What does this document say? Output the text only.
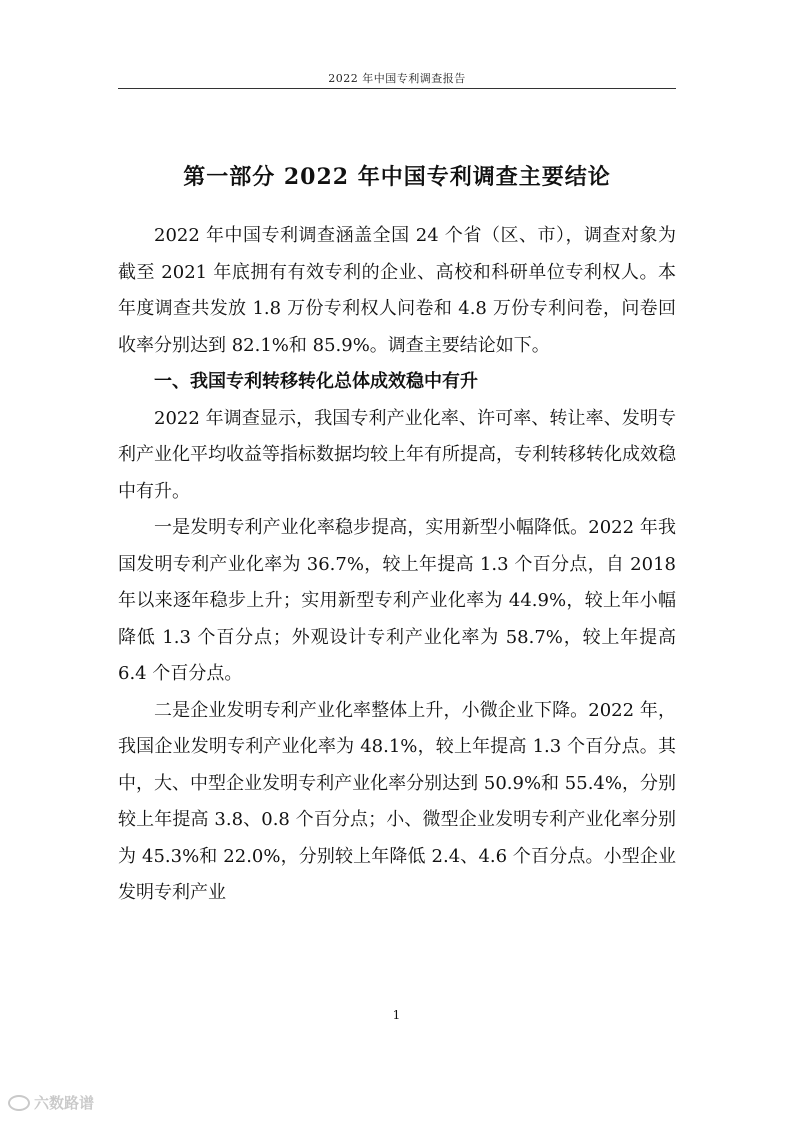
2022 年中国专利调查报告
第一部分 2022 年中国专利调查主要结论

2022 年中国专利调查涵盖全国 24 个省（区、市），调查对象为截至 2021 年底拥有有效专利的企业、高校和科研单位专利权人。本年度调查共发放 1.8 万份专利权人问卷和 4.8 万份专利问卷，问卷回收率分别达到 82.1%和 85.9%。调查主要结论如下。

一、我国专利转移转化总体成效稳中有升

2022 年调查显示，我国专利产业化率、许可率、转让率、发明专利产业化平均收益等指标数据均较上年有所提高，专利转移转化成效稳中有升。

一是发明专利产业化率稳步提高，实用新型小幅降低。2022 年我国发明专利产业化率为 36.7%，较上年提高 1.3 个百分点，自 2018 年以来逐年稳步上升；实用新型专利产业化率为 44.9%，较上年小幅降低 1.3 个百分点；外观设计专利产业化率为 58.7%，较上年提高 6.4 个百分点。

二是企业发明专利产业化率整体上升，小微企业下降。2022 年，我国企业发明专利产业化率为 48.1%，较上年提高 1.3 个百分点。其中，大、中型企业发明专利产业化率分别达到 50.9%和 55.4%，分别较上年提高 3.8、0.8 个百分点；小、微型企业发明专利产业化率分别为 45.3%和 22.0%，分别较上年降低 2.4、4.6 个百分点。小型企业发明专利产业

1
六数路谱
